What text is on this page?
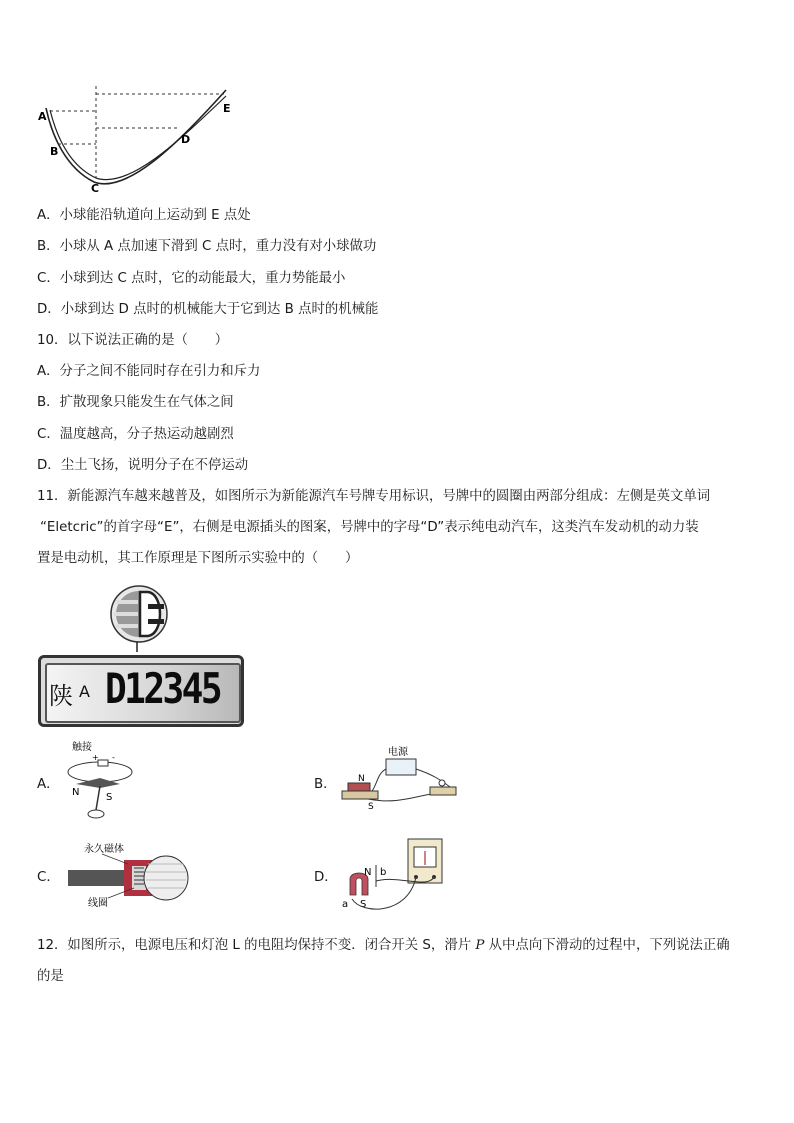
A
B
C
D
E
A．小球能沿轨道向上运动到 E 点处
B．小球从 A 点加速下滑到 C 点时，重力没有对小球做功
C．小球到达 C 点时，它的动能最大，重力势能最小
D．小球到达 D 点时的机械能大于它到达 B 点时的机械能
10．以下说法正确的是（　　）
A．分子之间不能同时存在引力和斥力
B．扩散现象只能发生在气体之间
C．温度越高，分子热运动越剧烈
D．尘土飞扬，说明分子在不停运动
11．新能源汽车越来越普及，如图所示为新能源汽车号牌专用标识，号牌中的圆圈由两部分组成：左侧是英文单词
“Eletcric”的首字母“E”，右侧是电源插头的图案，号牌中的字母“D”表示纯电动汽车，这类汽车发动机的动力装
置是电动机，其工作原理是下图所示实验中的（　　）
陕 A D12345
A．	B．
C．	D．
触接
+ -
N	S
电源
N
S
永久磁体
线圈
N b
S
a
12．如图所示，电源电压和灯泡 L 的电阻均保持不变．闭合开关 S，滑片 P 从中点向下滑动的过程中，下列说法正确
的是
